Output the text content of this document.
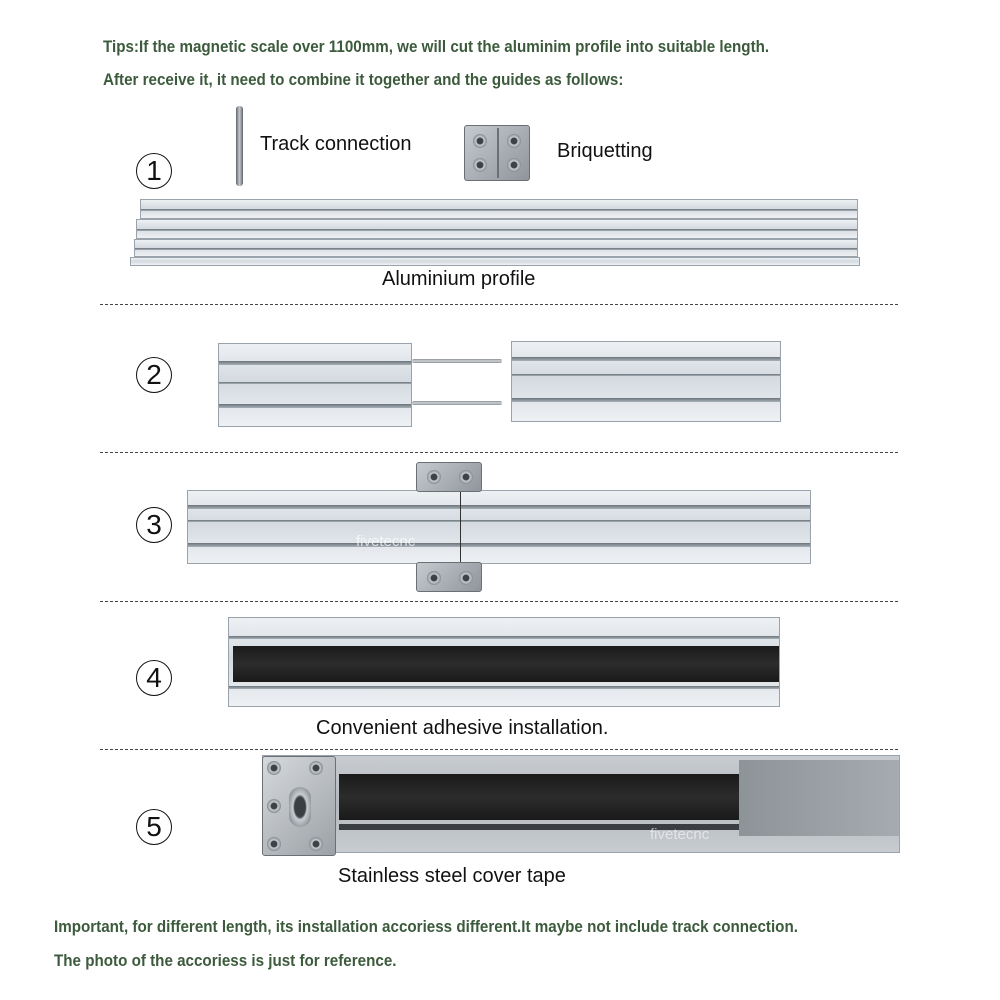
Tips:If the magnetic scale over 1100mm, we will cut the aluminim profile into suitable length.
After receive it, it need to combine it together and the guides as follows:
1
Track connection	Briquetting
Aluminium profile
2
3
fivetecnc
4
Convenient adhesive installation.
5	fivetecnc
Stainless steel cover tape
Important, for different length, its installation accoriess different.It maybe not include track connection.
The photo of the accoriess is just for reference.
